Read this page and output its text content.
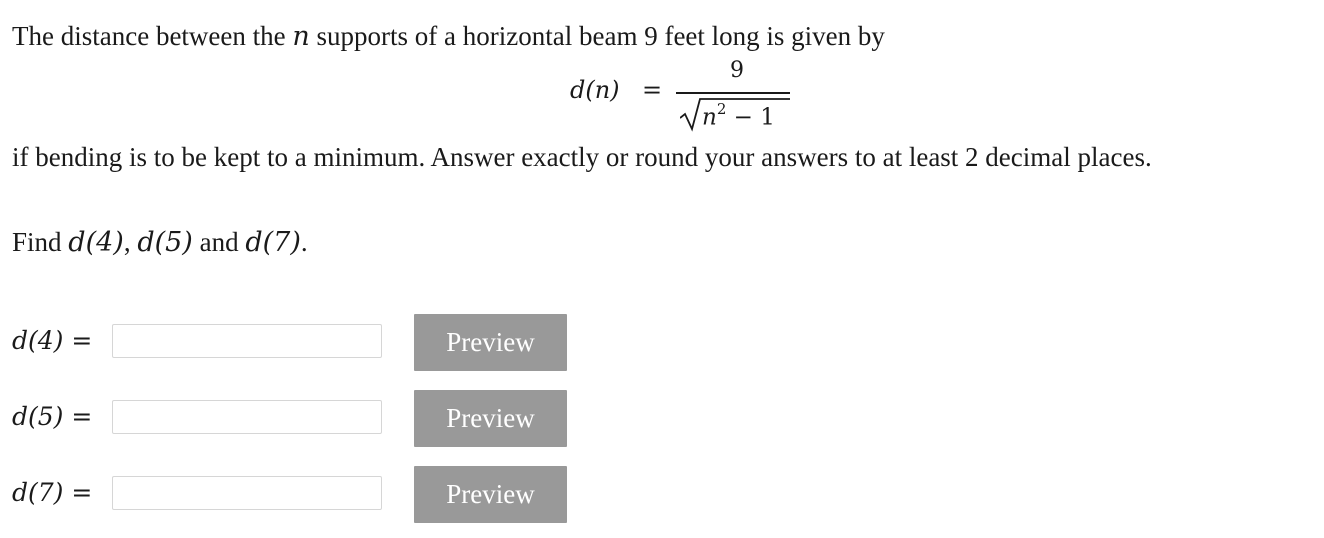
The distance between the n supports of a horizontal beam 9 feet long is given by
d(n) =
9
$n^2 - 1$
if bending is to be kept to a minimum. Answer exactly or round your answers to at least 2 decimal places.
Find d(4), d(5) and d(7).
d(4) =	Preview
d(5) =	Preview
d(7) =	Preview
